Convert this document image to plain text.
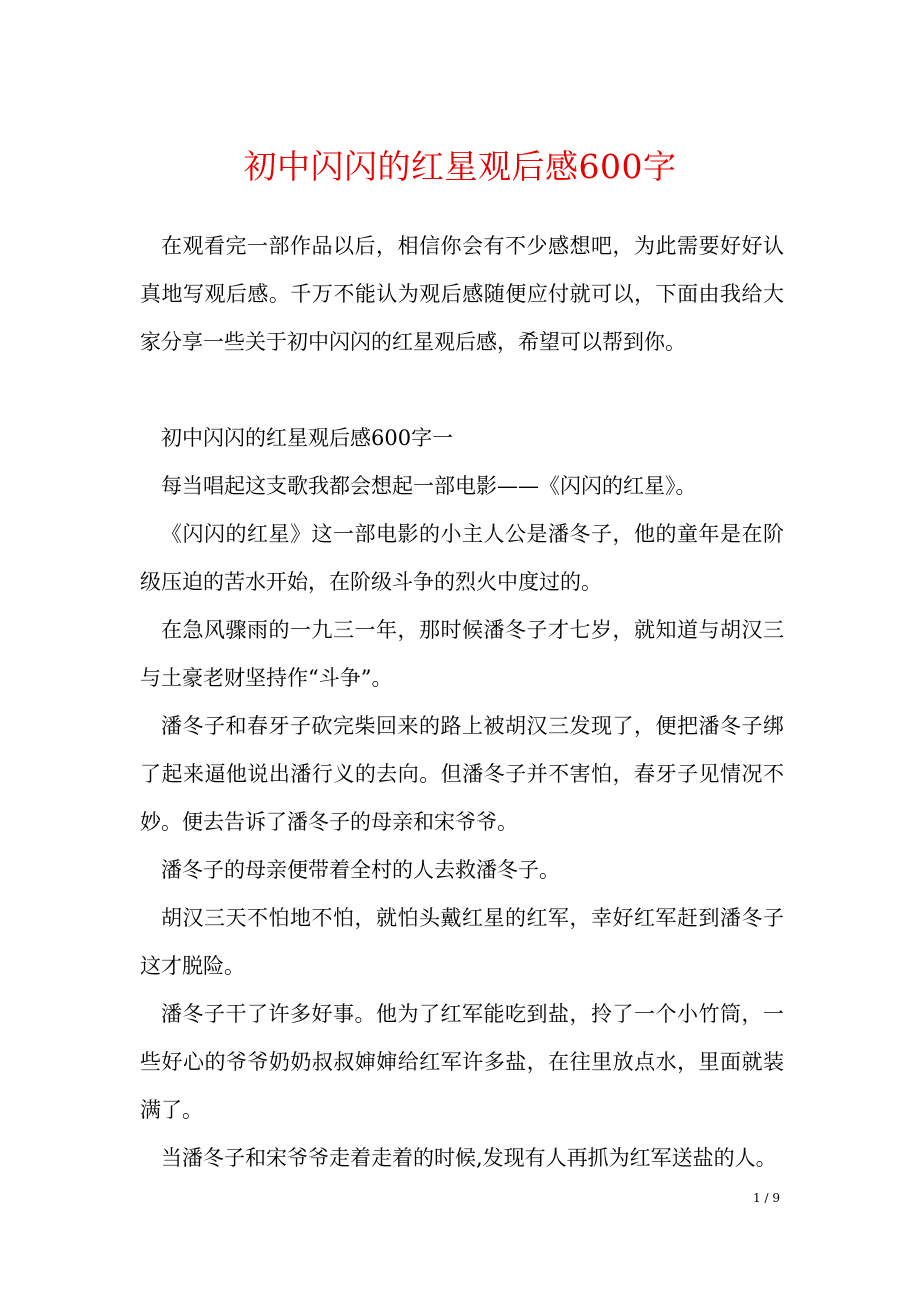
初中闪闪的红星观后感600字

在观看完一部作品以后，相信你会有不少感想吧，为此需要好好认真地写观后感。千万不能认为观后感随便应付就可以，下面由我给大家分享一些关于初中闪闪的红星观后感，希望可以帮到你。

初中闪闪的红星观后感600字一

每当唱起这支歌我都会想起一部电影——《闪闪的红星》。

《闪闪的红星》这一部电影的小主人公是潘冬子，他的童年是在阶级压迫的苦水开始，在阶级斗争的烈火中度过的。

在急风骤雨的一九三一年，那时候潘冬子才七岁，就知道与胡汉三与土豪老财坚持作“斗争”。

潘冬子和春牙子砍完柴回来的路上被胡汉三发现了，便把潘冬子绑了起来逼他说出潘行义的去向。但潘冬子并不害怕，春牙子见情况不妙。便去告诉了潘冬子的母亲和宋爷爷。

潘冬子的母亲便带着全村的人去救潘冬子。

胡汉三天不怕地不怕，就怕头戴红星的红军，幸好红军赶到潘冬子这才脱险。

潘冬子干了许多好事。他为了红军能吃到盐，拎了一个小竹筒，一些好心的爷爷奶奶叔叔婶婶给红军许多盐，在往里放点水，里面就装满了。

当潘冬子和宋爷爷走着走着的时候,发现有人再抓为红军送盐的人。

1 / 9
